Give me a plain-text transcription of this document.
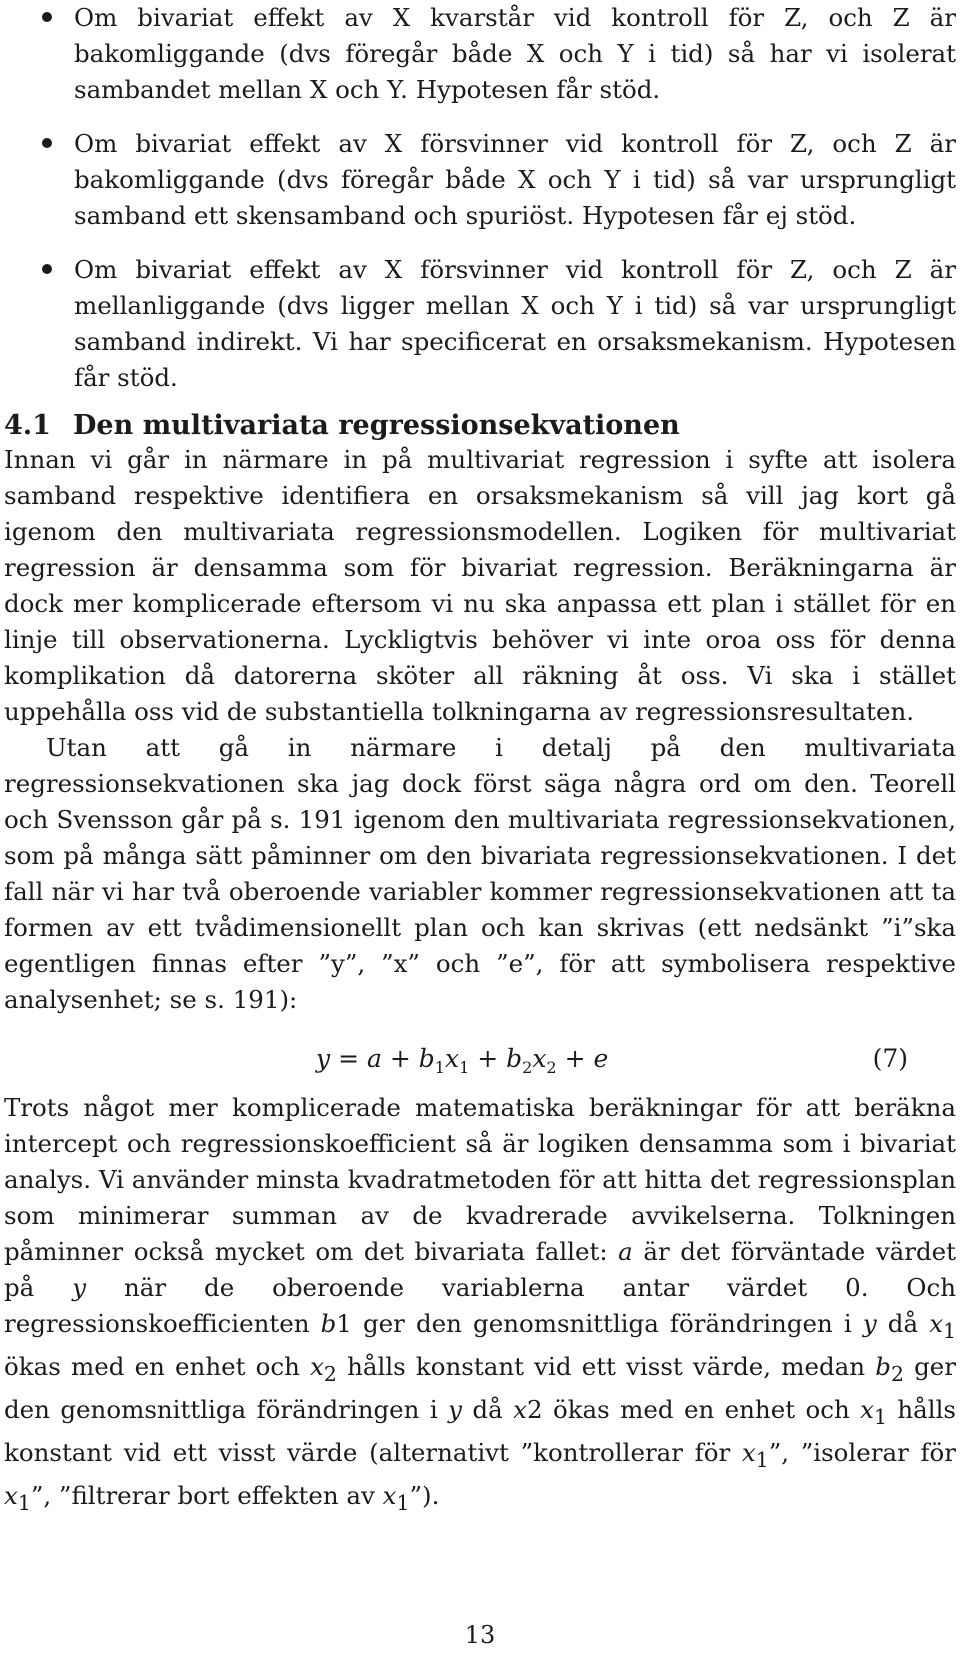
Om bivariat effekt av X kvarstår vid kontroll för Z, och Z är bakomliggande (dvs föregår både X och Y i tid) så har vi isolerat sambandet mellan X och Y. Hypotesen får stöd.
Om bivariat effekt av X försvinner vid kontroll för Z, och Z är bakomliggande (dvs föregår både X och Y i tid) så var ursprungligt samband ett skensamband och spuriöst. Hypotesen får ej stöd.
Om bivariat effekt av X försvinner vid kontroll för Z, och Z är mellanliggande (dvs ligger mellan X och Y i tid) så var ursprungligt samband indirekt. Vi har specificerat en orsaksmekanism. Hypotesen får stöd.
4.1 Den multivariata regressionsekvationen

Innan vi går in närmare in på multivariat regression i syfte att isolera samband respektive identifiera en orsaksmekanism så vill jag kort gå igenom den multivariata regressionsmodellen. Logiken för multivariat regression är densamma som för bivariat regression. Beräkningarna är dock mer komplicerade eftersom vi nu ska anpassa ett plan i stället för en linje till observationerna. Lyckligtvis behöver vi inte oroa oss för denna komplikation då datorerna sköter all räkning åt oss. Vi ska i stället uppehålla oss vid de substantiella tolkningarna av regressionsresultaten.

Utan att gå in närmare i detalj på den multivariata regressionsekvationen ska jag dock först säga några ord om den. Teorell och Svensson går på s. 191 igenom den multivariata regressionsekvationen, som på många sätt påminner om den bivariata regressionsekvationen. I det fall när vi har två oberoende variabler kommer regressionsekvationen att ta formen av ett tvådimensionellt plan och kan skrivas (ett nedsänkt ”i”ska egentligen finnas efter ”y”, ”x” och ”e”, för att symbolisera respektive analysenhet; se s. 191):

$y = a + b_1x_1 + b_2x_2 + e$	(7)

Trots något mer komplicerade matematiska beräkningar för att beräkna intercept och regressionskoefficient så är logiken densamma som i bivariat analys. Vi använder minsta kvadratmetoden för att hitta det regressionsplan som minimerar summan av de kvadrerade avvikelserna. Tolkningen påminner också mycket om det bivariata fallet: a är det förväntade värdet på y när de oberoende variablerna antar värdet 0. Och regressionskoefficienten b1 ger den genomsnittliga förändringen i y då $x_1$ ökas med en enhet och $x_2$ hålls konstant vid ett visst värde, medan $b_2$ ger den genomsnittliga förändringen i y då x2 ökas med en enhet och $x_1$ hålls konstant vid ett visst värde (alternativt ”kontrollerar för $x_1$”, ”isolerar för $x_1$”, ”filtrerar bort effekten av $x_1$”).

13
